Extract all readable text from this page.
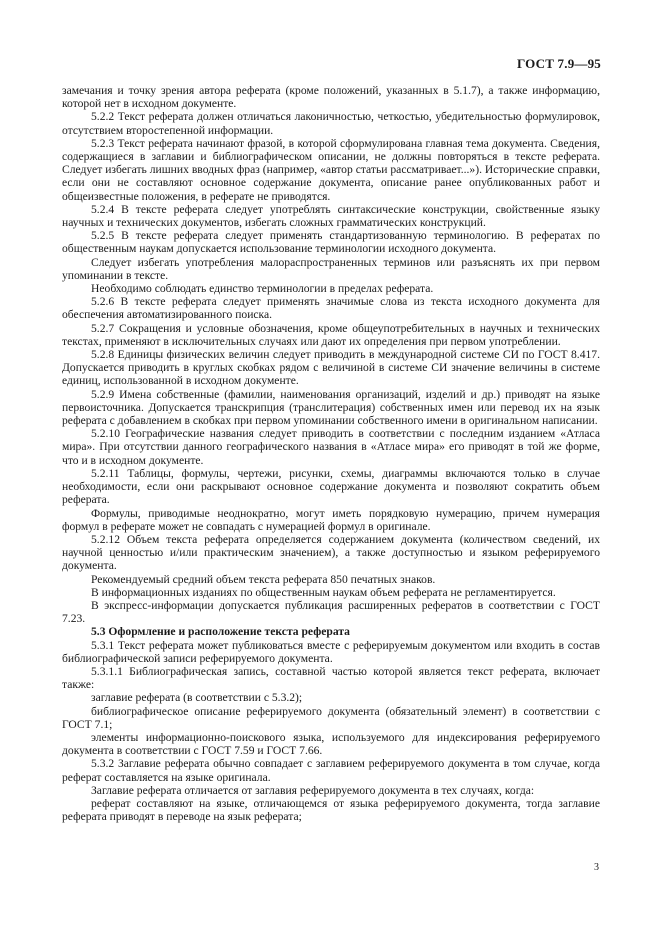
ГОСТ 7.9—95

замечания и точку зрения автора реферата (кроме положений, указанных в 5.1.7), а также информацию, которой нет в исходном документе.

5.2.2 Текст реферата должен отличаться лаконичностью, четкостью, убедительностью формулировок, отсутствием второстепенной информации.

5.2.3 Текст реферата начинают фразой, в которой сформулирована главная тема документа. Сведения, содержащиеся в заглавии и библиографическом описании, не должны повторяться в тексте реферата. Следует избегать лишних вводных фраз (например, «автор статьи рассматривает...»). Исторические справки, если они не составляют основное содержание документа, описание ранее опубликованных работ и общеизвестные положения, в реферате не приводятся.

5.2.4 В тексте реферата следует употреблять синтаксические конструкции, свойственные языку научных и технических документов, избегать сложных грамматических конструкций.

5.2.5 В тексте реферата следует применять стандартизованную терминологию. В рефератах по общественным наукам допускается использование терминологии исходного документа.

Следует избегать употребления малораспространенных терминов или разъяснять их при первом упоминании в тексте.

Необходимо соблюдать единство терминологии в пределах реферата.

5.2.6 В тексте реферата следует применять значимые слова из текста исходного документа для обеспечения автоматизированного поиска.

5.2.7 Сокращения и условные обозначения, кроме общеупотребительных в научных и технических текстах, применяют в исключительных случаях или дают их определения при первом употреблении.

5.2.8 Единицы физических величин следует приводить в международной системе СИ по ГОСТ 8.417. Допускается приводить в круглых скобках рядом с величиной в системе СИ значение величины в системе единиц, использованной в исходном документе.

5.2.9 Имена собственные (фамилии, наименования организаций, изделий и др.) приводят на языке первоисточника. Допускается транскрипция (транслитерация) собственных имен или перевод их на язык реферата с добавлением в скобках при первом упоминании собственного имени в оригинальном написании.

5.2.10 Географические названия следует приводить в соответствии с последним изданием «Атласа мира». При отсутствии данного географического названия в «Атласе мира» его приводят в той же форме, что и в исходном документе.

5.2.11 Таблицы, формулы, чертежи, рисунки, схемы, диаграммы включаются только в случае необходимости, если они раскрывают основное содержание документа и позволяют сократить объем реферата.

Формулы, приводимые неоднократно, могут иметь порядковую нумерацию, причем нумерация формул в реферате может не совпадать с нумерацией формул в оригинале.

5.2.12 Объем текста реферата определяется содержанием документа (количеством сведений, их научной ценностью и/или практическим значением), а также доступностью и языком реферируемого документа.

Рекомендуемый средний объем текста реферата 850 печатных знаков.

В информационных изданиях по общественным наукам объем реферата не регламентируется.

В экспресс-информации допускается публикация расширенных рефератов в соответствии с ГОСТ 7.23.

5.3 Оформление и расположение текста реферата

5.3.1 Текст реферата может публиковаться вместе с реферируемым документом или входить в состав библиографической записи реферируемого документа.

5.3.1.1 Библиографическая запись, составной частью которой является текст реферата, включает также:

заглавие реферата (в соответствии с 5.3.2);

библиографическое описание реферируемого документа (обязательный элемент) в соответствии с ГОСТ 7.1;

элементы информационно-поискового языка, используемого для индексирования реферируемого документа в соответствии с ГОСТ 7.59 и ГОСТ 7.66.

5.3.2 Заглавие реферата обычно совпадает с заглавием реферируемого документа в том случае, когда реферат составляется на языке оригинала.

Заглавие реферата отличается от заглавия реферируемого документа в тех случаях, когда:

реферат составляют на языке, отличающемся от языка реферируемого документа, тогда заглавие реферата приводят в переводе на язык реферата;

3
